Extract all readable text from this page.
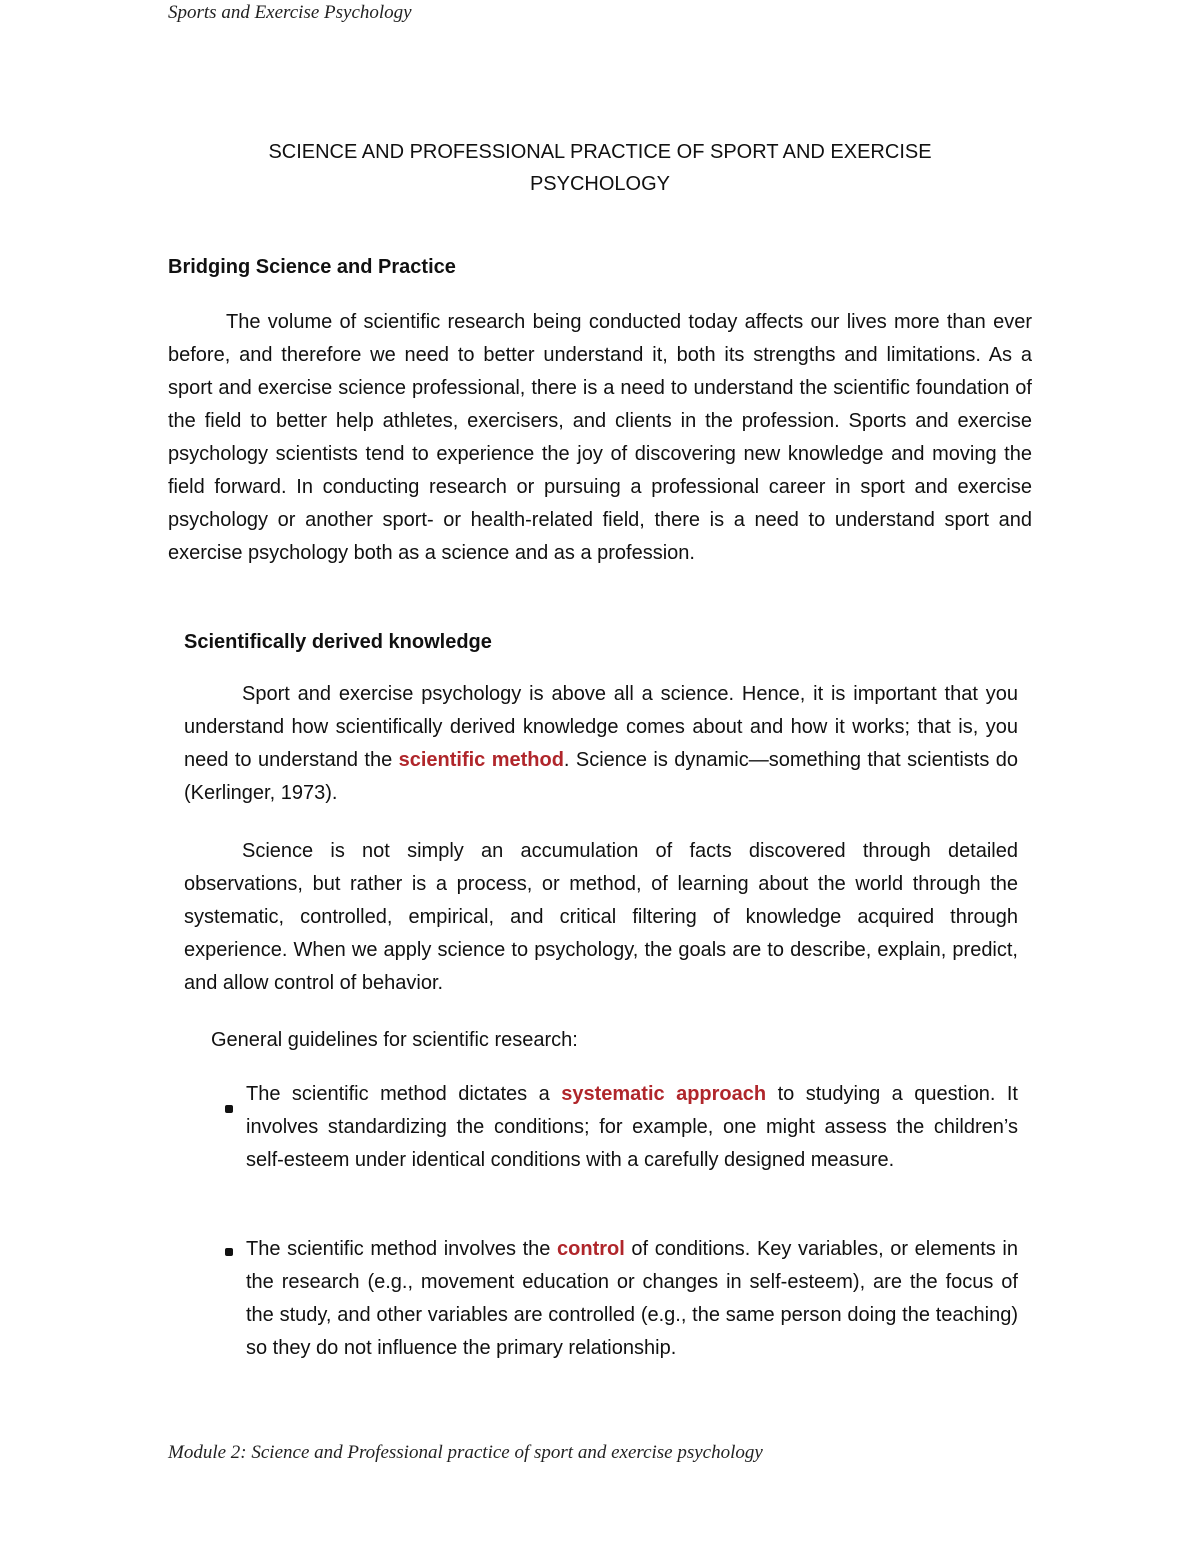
Sports and Exercise Psychology
SCIENCE AND PROFESSIONAL PRACTICE OF SPORT AND EXERCISE
PSYCHOLOGY
Bridging Science and Practice

The volume of scientific research being conducted today affects our lives more than ever before, and therefore we need to better understand it, both its strengths and limitations. As a sport and exercise science professional, there is a need to understand the scientific foundation of the field to better help athletes, exercisers, and clients in the profession. Sports and exercise psychology scientists tend to experience the joy of discovering new knowledge and moving the field forward. In conducting research or pursuing a professional career in sport and exercise psychology or another sport- or health-related field, there is a need to understand sport and exercise psychology both as a science and as a profession.

Scientifically derived knowledge

Sport and exercise psychology is above all a science. Hence, it is important that you understand how scientifically derived knowledge comes about and how it works; that is, you need to understand the scientific method. Science is dynamic—something that scientists do (Kerlinger, 1973).

Science is not simply an accumulation of facts discovered through detailed observations, but rather is a process, or method, of learning about the world through the systematic, controlled, empirical, and critical filtering of knowledge acquired through experience. When we apply science to psychology, the goals are to describe, explain, predict, and allow control of behavior.

General guidelines for scientific research:

The scientific method dictates a systematic approach to studying a question. It involves standardizing the conditions; for example, one might assess the children’s self-esteem under identical conditions with a carefully designed measure.

The scientific method involves the control of conditions. Key variables, or elements in the research (e.g., movement education or changes in self-esteem), are the focus of the study, and other variables are controlled (e.g., the same person doing the teaching) so they do not influence the primary relationship.

Module 2: Science and Professional practice of sport and exercise psychology
